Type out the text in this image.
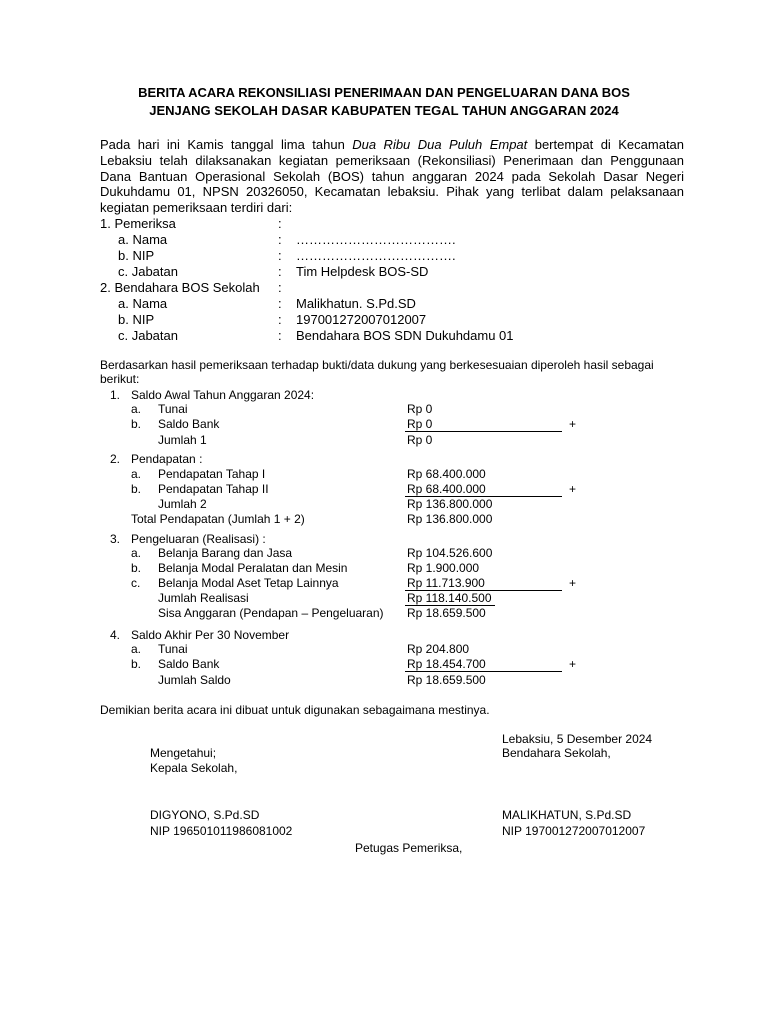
BERITA ACARA REKONSILIASI PENERIMAAN DAN PENGELUARAN DANA BOS
JENJANG SEKOLAH DASAR KABUPATEN TEGAL TAHUN ANGGARAN 2024
Pada hari ini Kamis tanggal lima tahun Dua Ribu Dua Puluh Empat bertempat di Kecamatan
Lebaksiu telah dilaksanakan kegiatan pemeriksaan (Rekonsiliasi) Penerimaan dan Penggunaan
Dana Bantuan Operasional Sekolah (BOS) tahun anggaran 2024 pada Sekolah Dasar Negeri
Dukuhdamu 01, NPSN 20326050, Kecamatan lebaksiu. Pihak yang terlibat dalam pelaksanaan
kegiatan pemeriksaan terdiri dari:
1. Pemeriksa	:
a. Nama	: ……………………………….
b. NIP	: ……………………………….
c. Jabatan	: Tim Helpdesk BOS-SD
2. Bendahara BOS Sekolah :
a. Nama	: Malikhatun. S.Pd.SD
b. NIP	: 197001272007012007
c. Jabatan	: Bendahara BOS SDN Dukuhdamu 01
Berdasarkan hasil pemeriksaan terhadap bukti/data dukung yang berkesesuaian diperoleh hasil sebagai
berikut:
1. Saldo Awal Tahun Anggaran 2024:
a. Tunai	Rp 0
b. Saldo Bank	Rp 0	+
Jumlah 1	Rp 0
2. Pendapatan :
a. Pendapatan Tahap I	Rp 68.400.000
b. Pendapatan Tahap II	Rp 68.400.000	+
Jumlah 2	Rp 136.800.000
Total Pendapatan (Jumlah 1 + 2)	Rp 136.800.000
3. Pengeluaran (Realisasi) :
a. Belanja Barang dan Jasa	Rp 104.526.600
b. Belanja Modal Peralatan dan Mesin	Rp 1.900.000
c. Belanja Modal Aset Tetap Lainnya	Rp 11.713.900	+
Jumlah Realisasi	Rp 118.140.500
Sisa Anggaran (Pendapan – Pengeluaran) Rp 18.659.500
4. Saldo Akhir Per 30 November
a. Tunai	Rp 204.800
b. Saldo Bank	Rp 18.454.700	+
Jumlah Saldo	Rp 18.659.500
Demikian berita acara ini dibuat untuk digunakan sebagaimana mestinya.
Lebaksiu, 5 Desember 2024
Mengetahui;	Bendahara Sekolah,
Kepala Sekolah,
DIGYONO, S.Pd.SD	MALIKHATUN, S.Pd.SD
NIP 196501011986081002	NIP 197001272007012007
Petugas Pemeriksa,
